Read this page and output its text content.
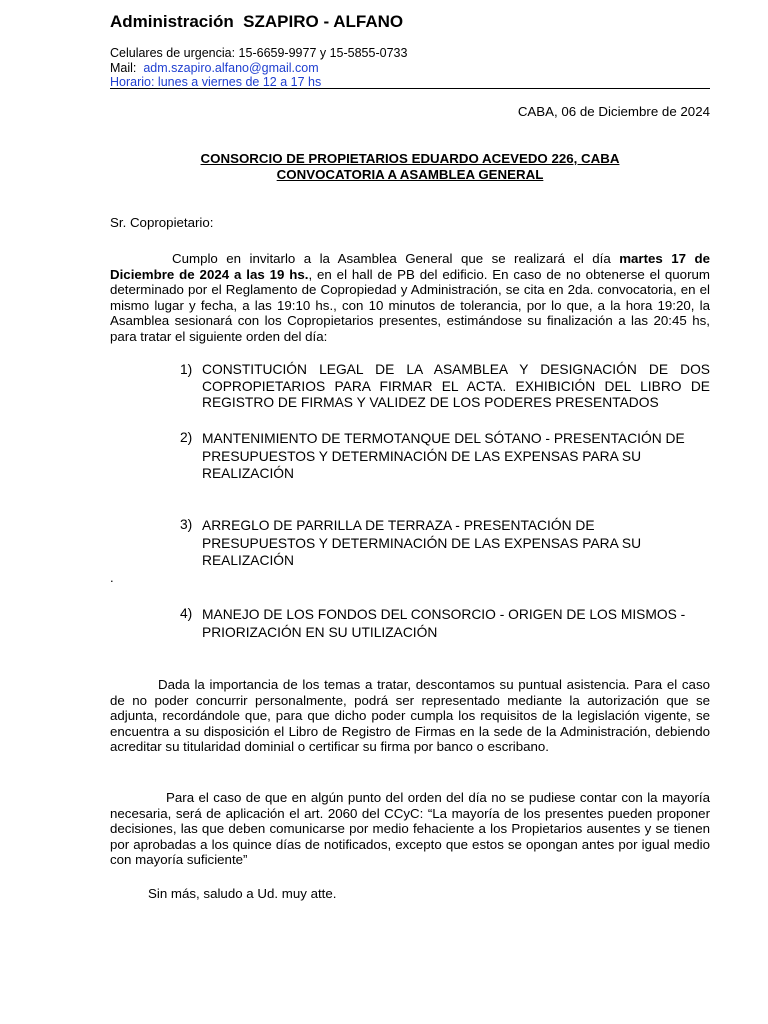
Administración  SZAPIRO - ALFANO
Celulares de urgencia: 15-6659-9977 y 15-5855-0733
Mail: adm.szapiro.alfano@gmail.com
Horario: lunes a viernes de 12 a 17 hs
CABA, 06 de Diciembre de 2024
CONSORCIO DE PROPIETARIOS EDUARDO ACEVEDO 226, CABA
CONVOCATORIA A ASAMBLEA GENERAL
Sr. Copropietario:
Cumplo en invitarlo a la Asamblea General que se realizará el día martes 17 de Diciembre de 2024 a las 19 hs., en el hall de PB del edificio. En caso de no obtenerse el quorum determinado por el Reglamento de Copropiedad y Administración, se cita en 2da. convocatoria, en el mismo lugar y fecha, a las 19:10 hs., con 10 minutos de tolerancia, por lo que, a la hora 19:20, la Asamblea sesionará con los Copropietarios presentes, estimándose su finalización a las 20:45 hs, para tratar el siguiente orden del día:
1) CONSTITUCIÓN LEGAL DE LA ASAMBLEA Y DESIGNACIÓN DE DOS COPROPIETARIOS PARA FIRMAR EL ACTA. EXHIBICIÓN DEL LIBRO DE REGISTRO DE FIRMAS Y VALIDEZ DE LOS PODERES PRESENTADOS
2) MANTENIMIENTO DE TERMOTANQUE DEL SÓTANO - PRESENTACIÓN DE PRESUPUESTOS Y DETERMINACIÓN DE LAS EXPENSAS PARA SU REALIZACIÓN
3) ARREGLO DE PARRILLA DE TERRAZA - PRESENTACIÓN DE PRESUPUESTOS Y DETERMINACIÓN DE LAS EXPENSAS PARA SU REALIZACIÓN
.
4) MANEJO DE LOS FONDOS DEL CONSORCIO - ORIGEN DE LOS MISMOS - PRIORIZACIÓN EN SU UTILIZACIÓN
Dada la importancia de los temas a tratar, descontamos su puntual asistencia. Para el caso de no poder concurrir personalmente, podrá ser representado mediante la autorización que se adjunta, recordándole que, para que dicho poder cumpla los requisitos de la legislación vigente, se encuentra a su disposición el Libro de Registro de Firmas en la sede de la Administración, debiendo acreditar su titularidad dominial o certificar su firma por banco o escribano.
Para el caso de que en algún punto del orden del día no se pudiese contar con la mayoría necesaria, será de aplicación el art. 2060 del CCyC: “La mayoría de los presentes pueden proponer decisiones, las que deben comunicarse por medio fehaciente a los Propietarios ausentes y se tienen por aprobadas a los quince días de notificados, excepto que estos se opongan antes por igual medio con mayoría suficiente”
Sin más, saludo a Ud. muy atte.
